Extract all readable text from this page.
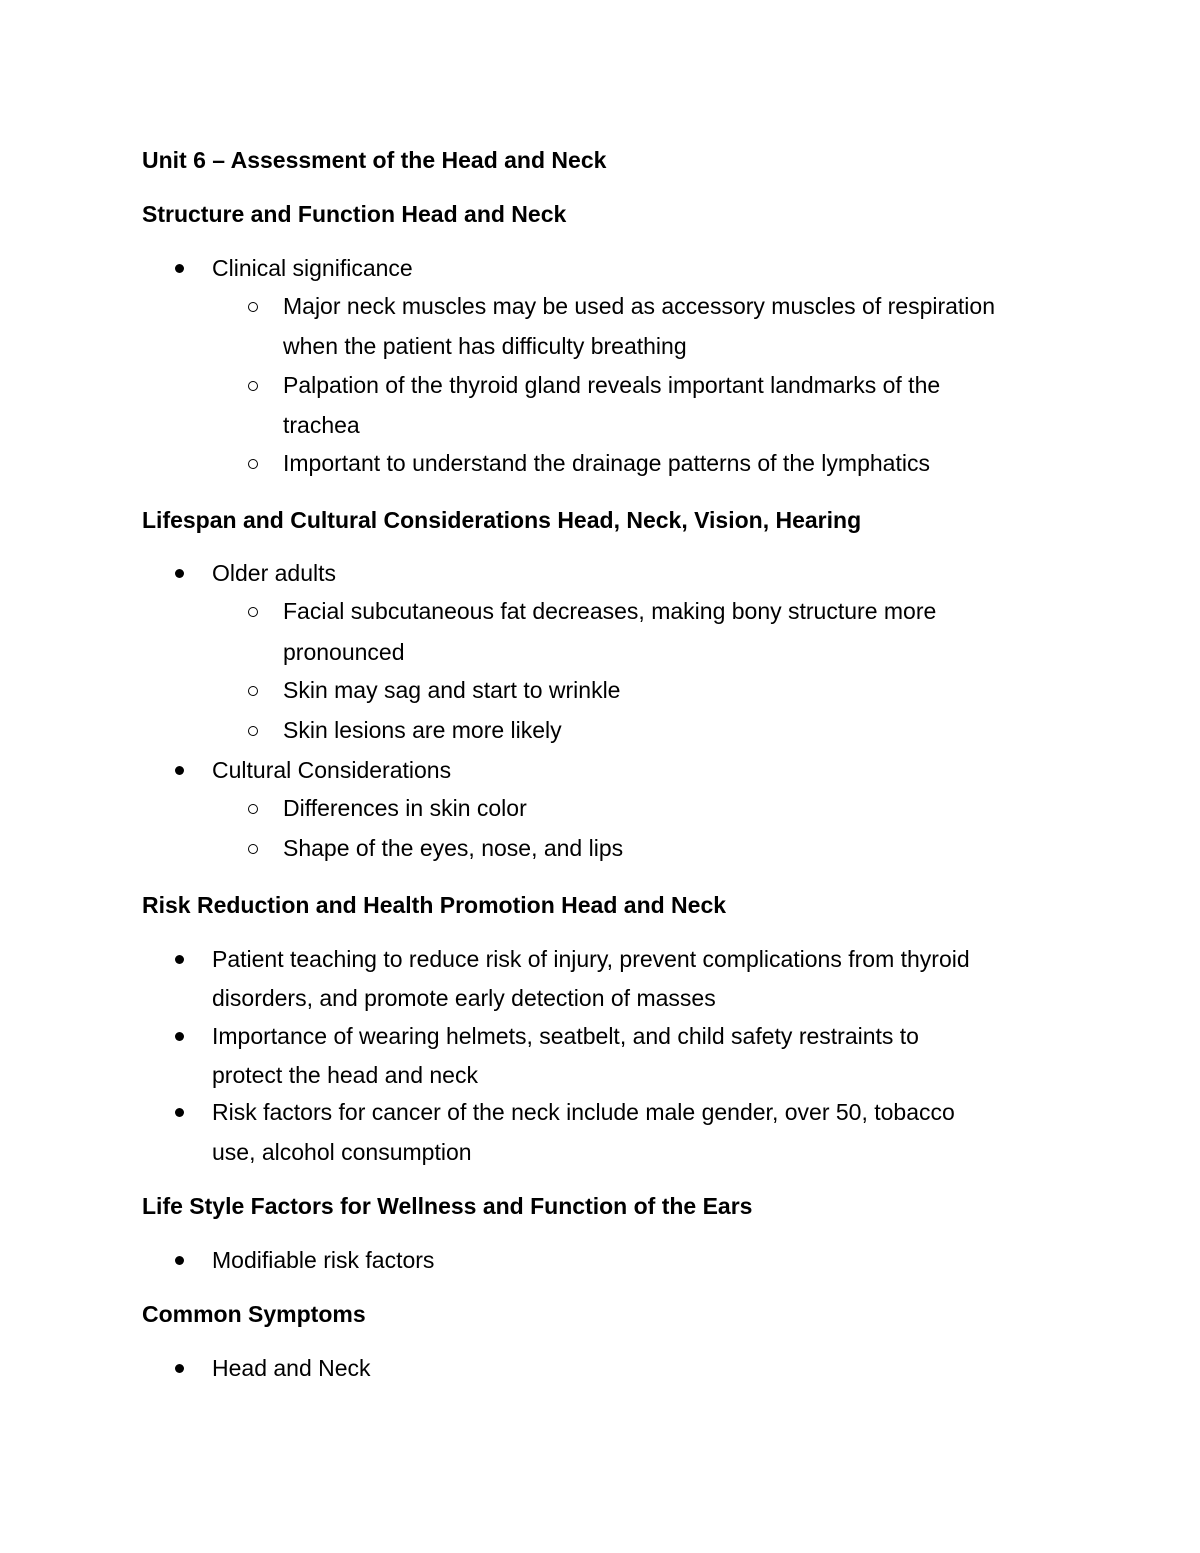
Unit 6 – Assessment of the Head and Neck
Structure and Function Head and Neck
Clinical significance
Major neck muscles may be used as accessory muscles of respiration
when the patient has difficulty breathing
Palpation of the thyroid gland reveals important landmarks of the
trachea
Important to understand the drainage patterns of the lymphatics
Lifespan and Cultural Considerations Head, Neck, Vision, Hearing
Older adults
Facial subcutaneous fat decreases, making bony structure more
pronounced
Skin may sag and start to wrinkle
Skin lesions are more likely
Cultural Considerations
Differences in skin color
Shape of the eyes, nose, and lips
Risk Reduction and Health Promotion Head and Neck
Patient teaching to reduce risk of injury, prevent complications from thyroid
disorders, and promote early detection of masses
Importance of wearing helmets, seatbelt, and child safety restraints to
protect the head and neck
Risk factors for cancer of the neck include male gender, over 50, tobacco
use, alcohol consumption
Life Style Factors for Wellness and Function of the Ears
Modifiable risk factors
Common Symptoms
Head and Neck
